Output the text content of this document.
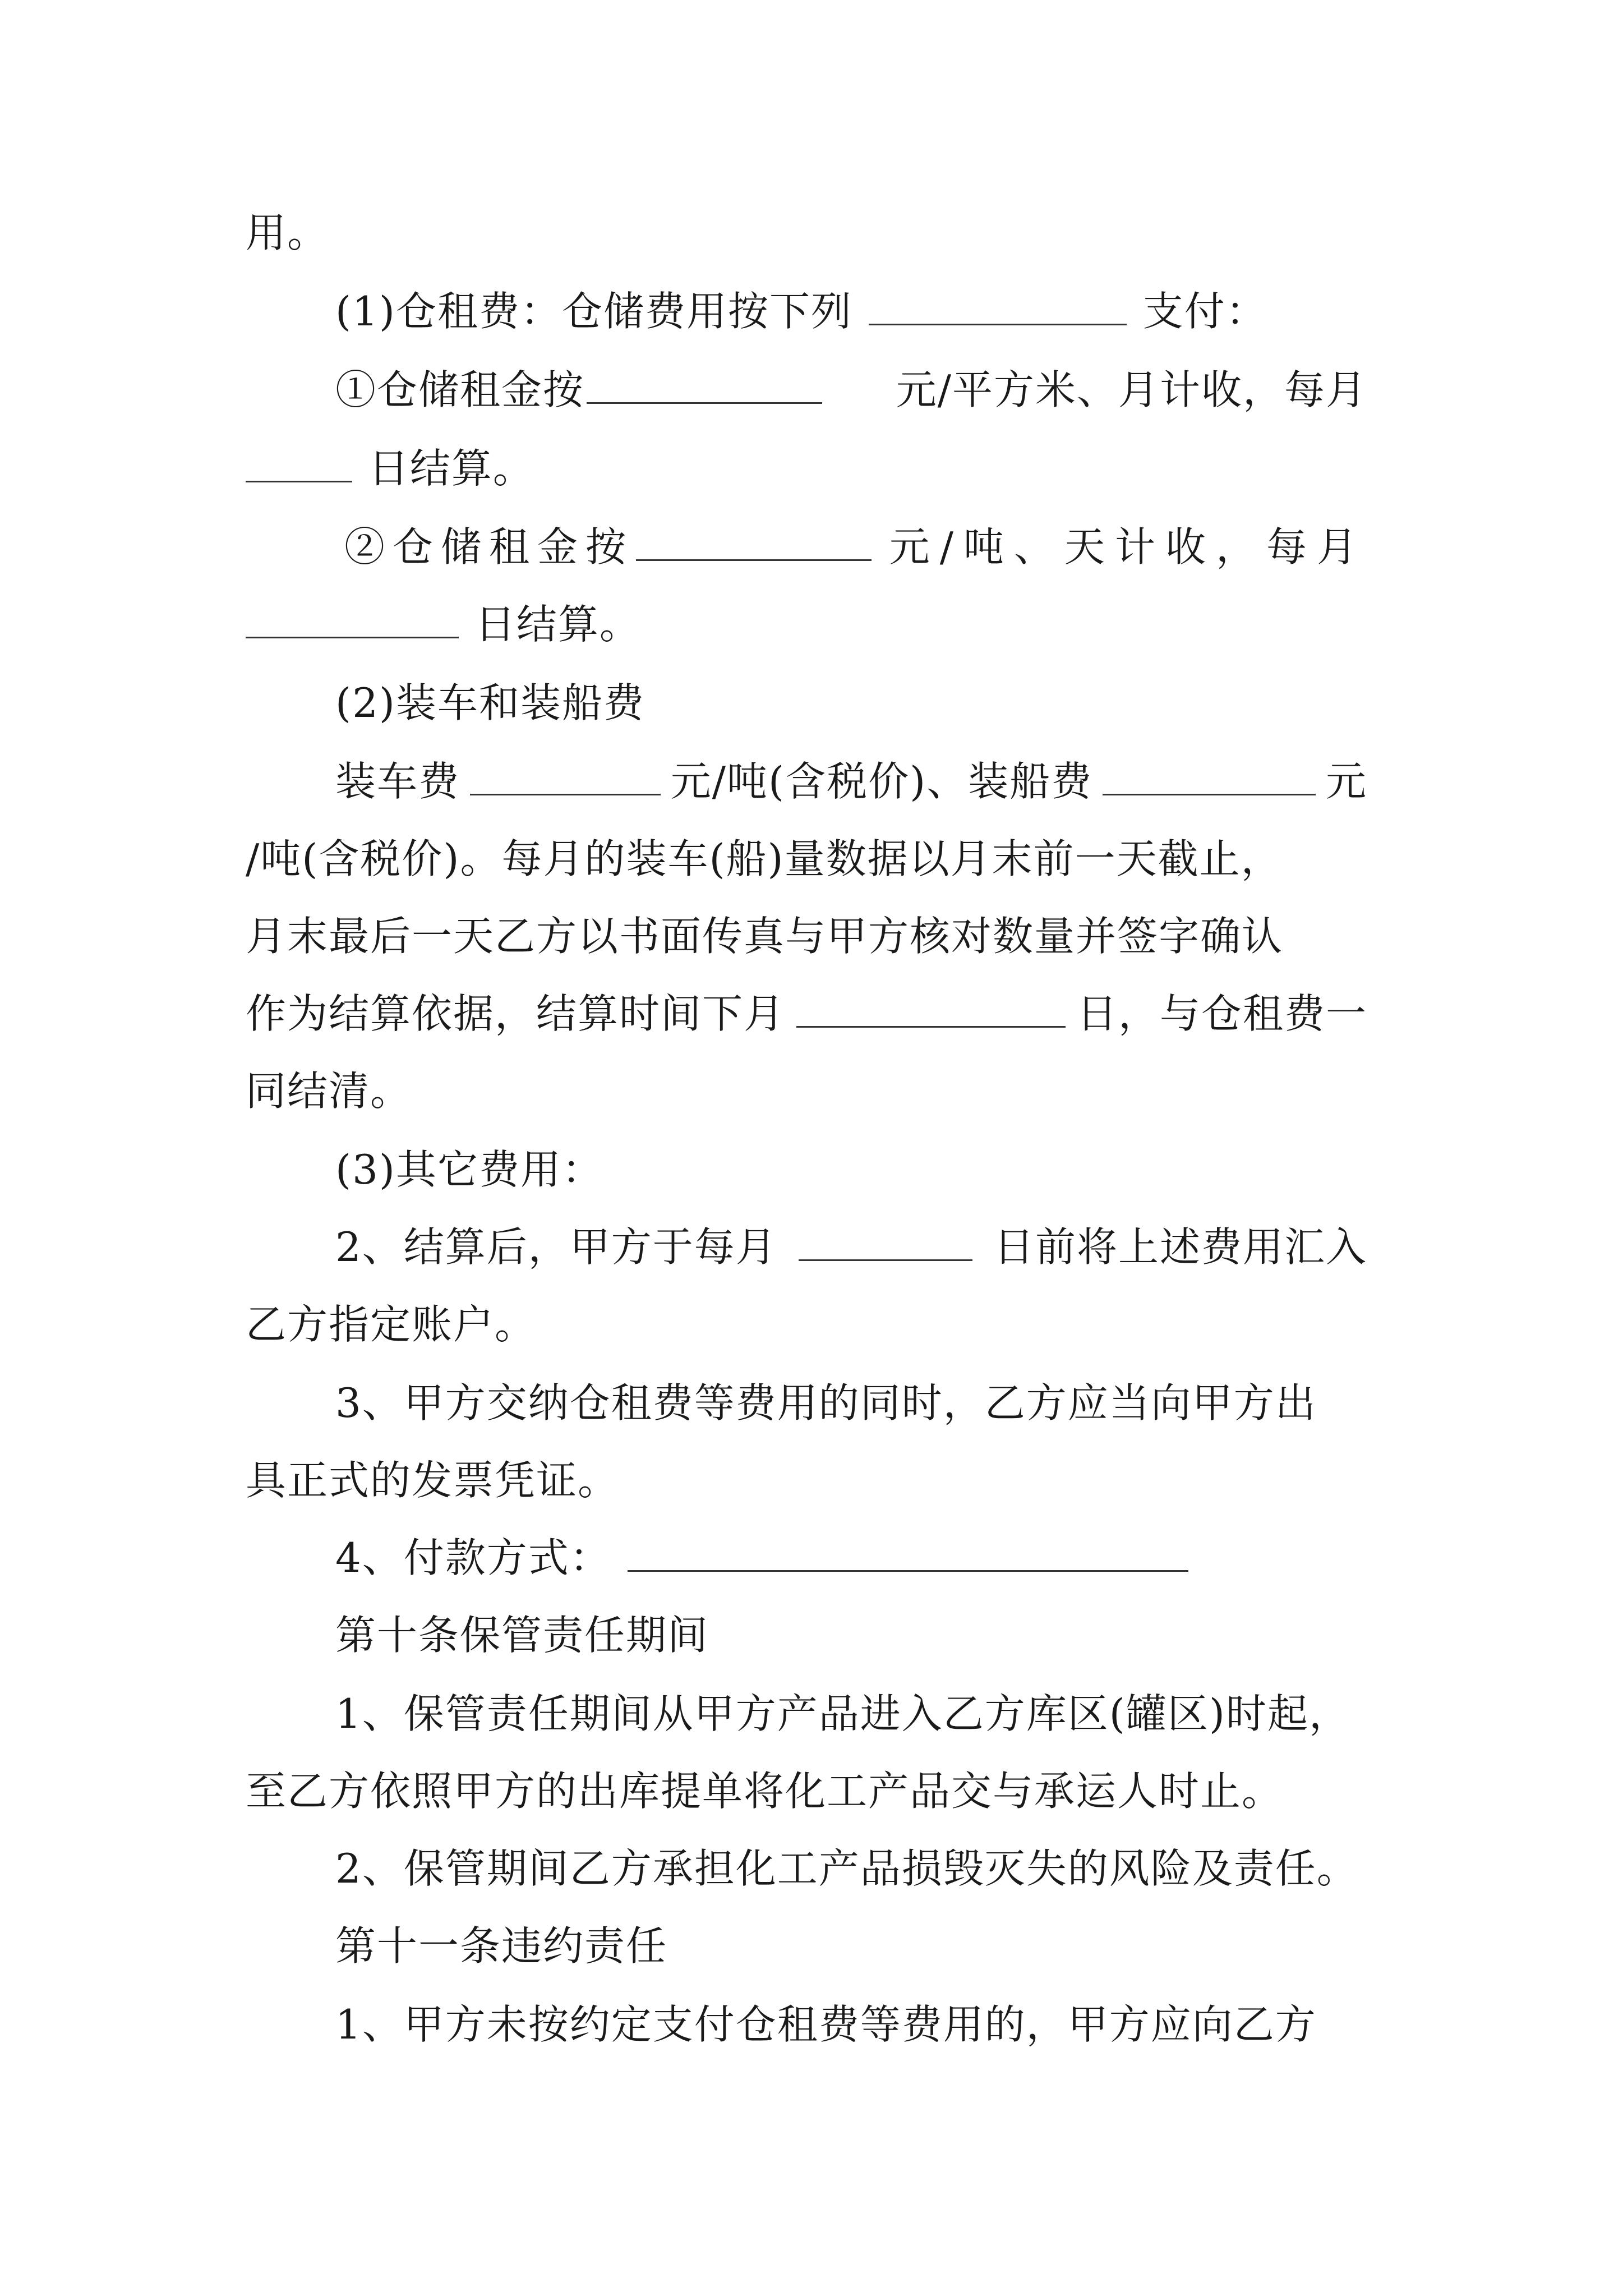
用。
(1)仓租费：仓储费用按下列	支付：
①仓储租金按	元/平方米、月计收，每月
日结算。
②仓储租金按	元/吨、天计收，每月
日结算。
(2)装车和装船费
装车费	元/吨(含税价)、装船费	元
/吨(含税价)。每月的装车(船)量数据以月末前一天截止，
月末最后一天乙方以书面传真与甲方核对数量并签字确认
作为结算依据，结算时间下月	日，与仓租费一
同结清。
(3)其它费用：
2、结算后，甲方于每月	日前将上述费用汇入
乙方指定账户。
3、甲方交纳仓租费等费用的同时，乙方应当向甲方出
具正式的发票凭证。
4、付款方式：
第十条保管责任期间
1、保管责任期间从甲方产品进入乙方库区(罐区)时起，
至乙方依照甲方的出库提单将化工产品交与承运人时止。
2、保管期间乙方承担化工产品损毁灭失的风险及责任。
第十一条违约责任
1、甲方未按约定支付仓租费等费用的，甲方应向乙方
